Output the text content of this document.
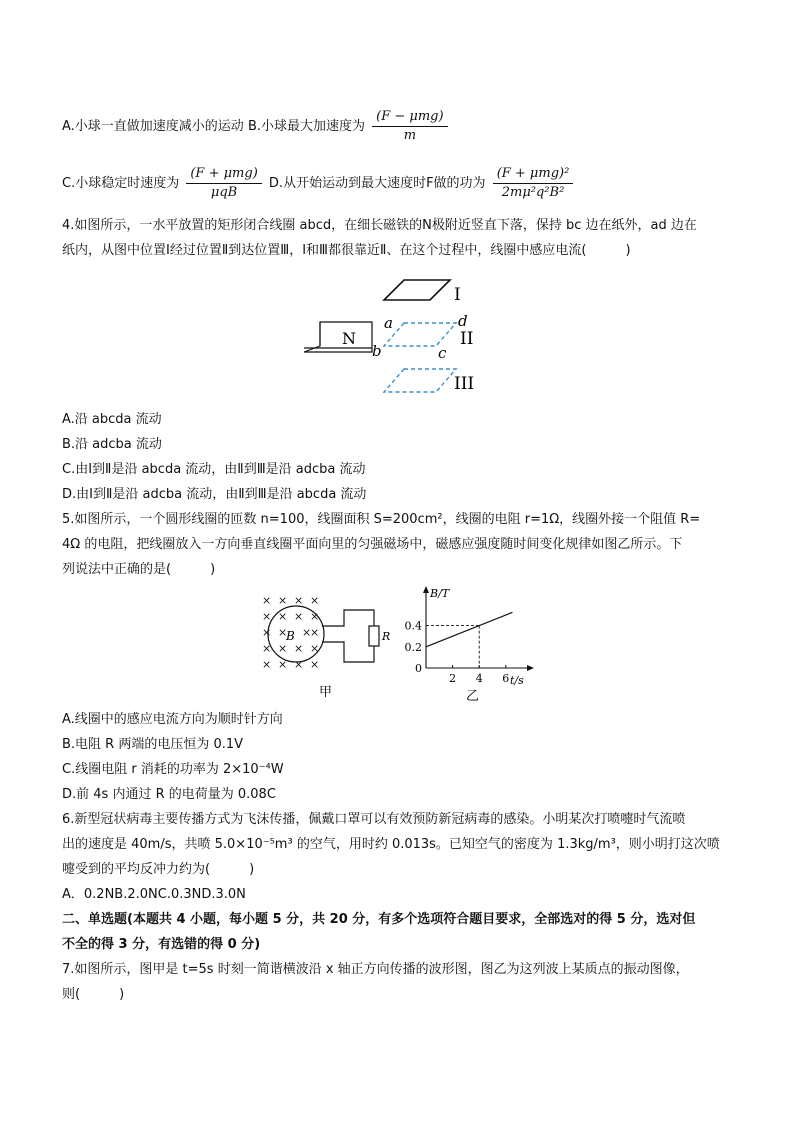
A.小球一直做加速度减小的运动 B.小球最大加速度为 $\frac{\text{(F − μmg)}}{m}$
C.小球稳定时速度为 $\frac{\text{(F + μmg)}}{\text{μqB}} D$.从开始运动到最大速度时F做的功为 $\frac{\text{(F + μmg)²}}{\text{2mμ²q²B²}}$
4.如图所示，一水平放置的矩形闭合线圈 abcd，在细长磁铁的N极附近竖直下落，保持 bc 边在纸外，ad 边在
纸内，从图中位置Ⅰ经过位置Ⅱ到达位置Ⅲ，Ⅰ和Ⅲ都很靠近Ⅱ、在这个过程中，线圈中感应电流(　　　)
I
N
a
b	c
d
II
III
A.沿 abcda 流动
B.沿 adcba 流动
C.由Ⅰ到Ⅱ是沿 abcda 流动，由Ⅱ到Ⅲ是沿 adcba 流动
D.由Ⅰ到Ⅱ是沿 adcba 流动，由Ⅱ到Ⅲ是沿 abcda 流动
5.如图所示，一个圆形线圈的匝数 n=100，线圈面积 S=200cm²，线圈的电阻 r=1Ω，线圈外接一个阻值 R=
4Ω 的电阻，把线圈放入一方向垂直线圈平面向里的匀强磁场中，磁感应强度随时间变化规律如图乙所示。下
列说法中正确的是(　　　)
× × × ×
× × × ×
× × ×
×
× × × ×
× × × ×
B	R
甲
B/T
t/s
0.4
0.2
0
2 4 6
乙
A.线圈中的感应电流方向为顺时针方向
B.电阻 R 两端的电压恒为 0.1V
C.线圈电阻 r 消耗的功率为 2×10⁻⁴W
D.前 4s 内通过 R 的电荷量为 0.08C
6.新型冠状病毒主要传播方式为飞沫传播，佩戴口罩可以有效预防新冠病毒的感染。小明某次打喷嚏时气流喷
出的速度是 40m/s，共喷 5.0×10⁻⁵m³ 的空气，用时约 0.013s。已知空气的密度为 1.3kg/m³，则小明打这次喷
嚏受到的平均反冲力约为(　　　)
A．0.2NB.2.0NC.0.3ND.3.0N
二、单选题(本题共 4 小题，每小题 5 分，共 20 分，有多个选项符合题目要求，全部选对的得 5 分，选对但
不全的得 3 分，有选错的得 0 分)
7.如图所示，图甲是 t=5s 时刻一简谐横波沿 x 轴正方向传播的波形图，图乙为这列波上某质点的振动图像，
则(　　　)
